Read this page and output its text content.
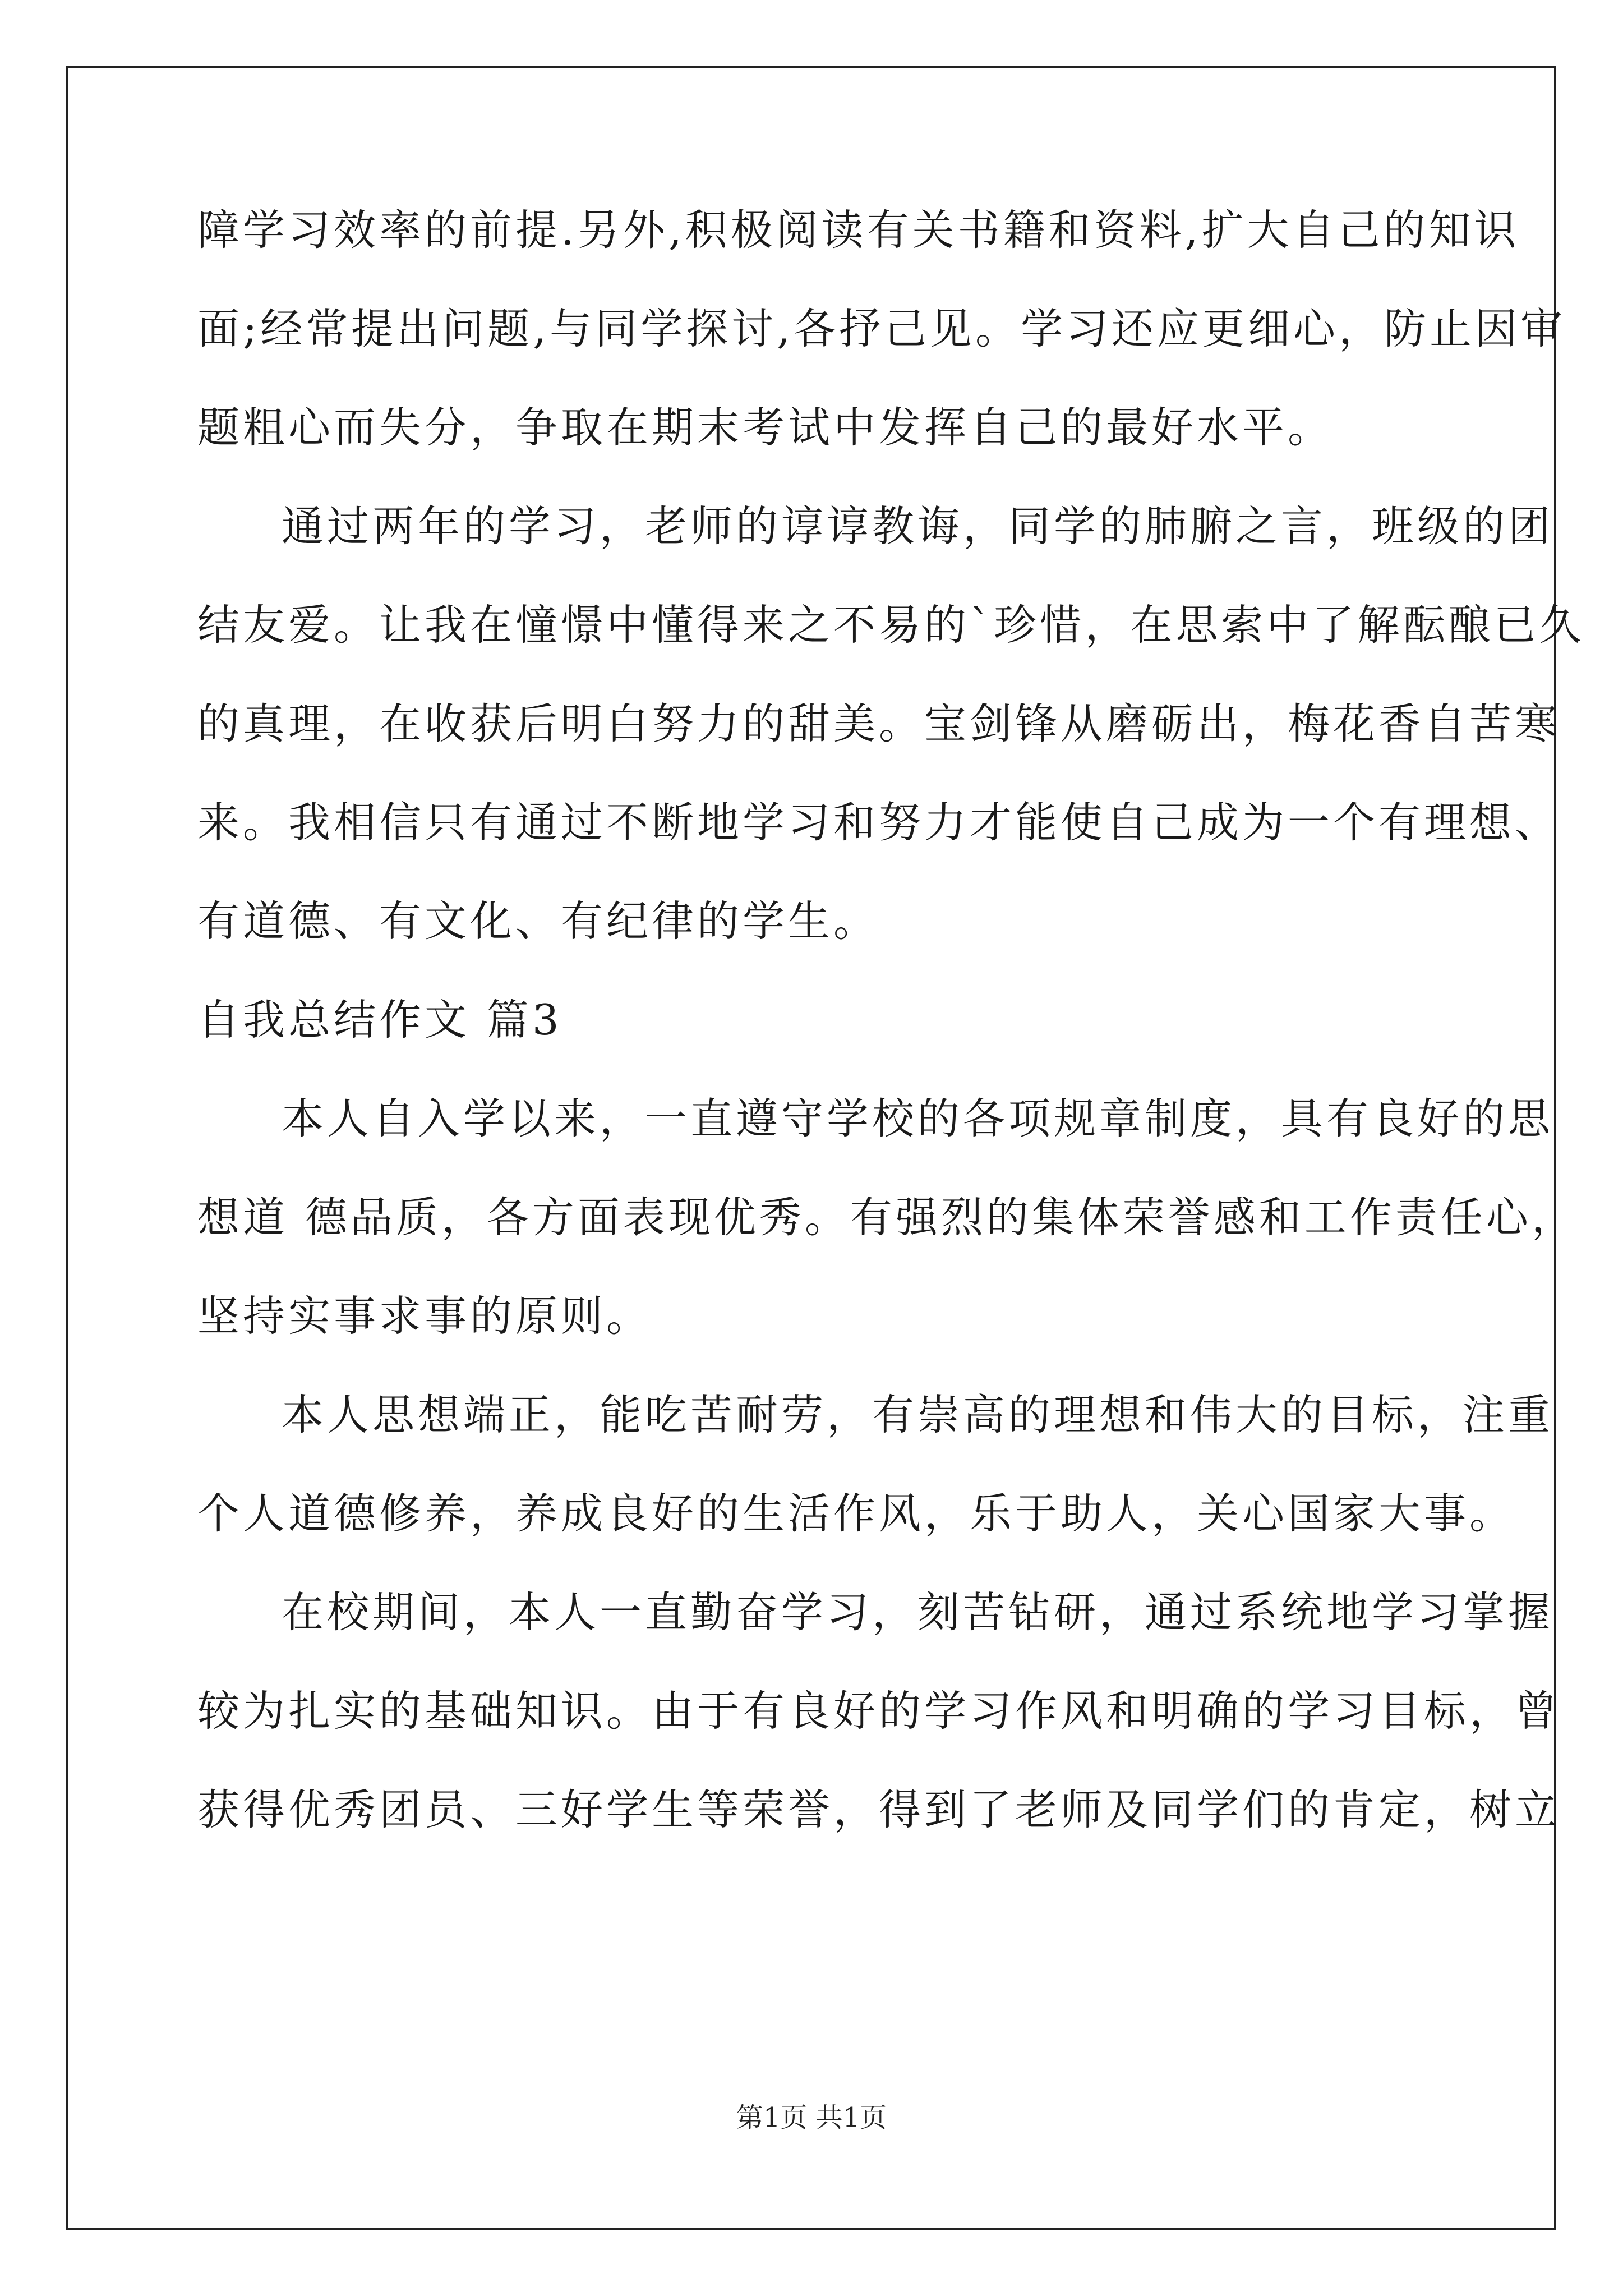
障学习效率的前提.另外,积极阅读有关书籍和资料,扩大自己的知识
面;经常提出问题,与同学探讨,各抒己见。学习还应更细心，防止因审
题粗心而失分，争取在期末考试中发挥自己的最好水平。
通过两年的学习，老师的谆谆教诲，同学的肺腑之言，班级的团
结友爱。让我在憧憬中懂得来之不易的`珍惜，在思索中了解酝酿已久
的真理，在收获后明白努力的甜美。宝剑锋从磨砺出，梅花香自苦寒
来。我相信只有通过不断地学习和努力才能使自己成为一个有理想、
有道德、有文化、有纪律的学生。
自我总结作文 篇3
本人自入学以来，一直遵守学校的各项规章制度，具有良好的思
想道 德品质，各方面表现优秀。有强烈的集体荣誉感和工作责任心，
坚持实事求事的原则。
本人思想端正，能吃苦耐劳，有崇高的理想和伟大的目标，注重
个人道德修养，养成良好的生活作风，乐于助人，关心国家大事。
在校期间，本人一直勤奋学习，刻苦钻研，通过系统地学习掌握
较为扎实的基础知识。由于有良好的学习作风和明确的学习目标，曾
获得优秀团员、三好学生等荣誉，得到了老师及同学们的肯定，树立
第1页 共1页
